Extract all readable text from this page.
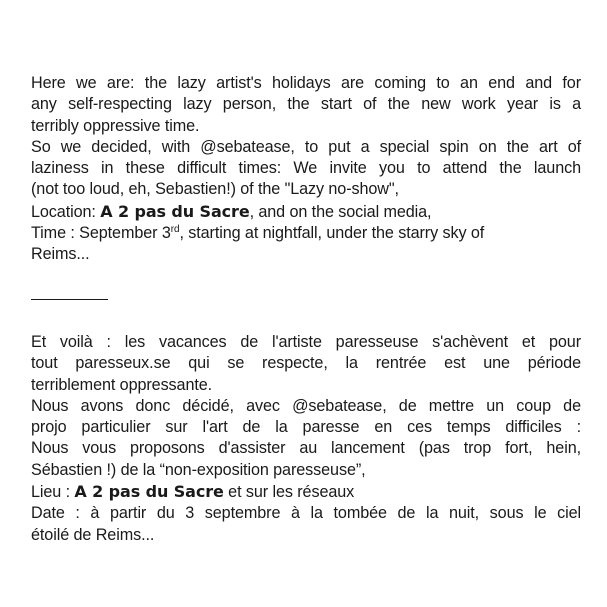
Here we are: the lazy artist's holidays are coming to an end and for
any self-respecting lazy person, the start of the new work year is a
terribly oppressive time.
So we decided, with @sebatease, to put a special spin on the art of
laziness in these difficult times: We invite you to attend the launch
(not too loud, eh, Sebastien!) of the "Lazy no-show",
Location: A 2 pas du Sacre, and on the social media,
Time : September 3rd, starting at nightfall, under the starry sky of
Reims...
Et voilà : les vacances de l'artiste paresseuse s'achèvent et pour
tout paresseux.se qui se respecte, la rentrée est une période
terriblement oppressante.
Nous avons donc décidé, avec @sebatease, de mettre un coup de
projo particulier sur l'art de la paresse en ces temps difficiles :
Nous vous proposons d'assister au lancement (pas trop fort, hein,
Sébastien !) de la “non-exposition paresseuse”,
Lieu : A 2 pas du Sacre et sur les réseaux
Date : à partir du 3 septembre à la tombée de la nuit, sous le ciel
étoilé de Reims...
